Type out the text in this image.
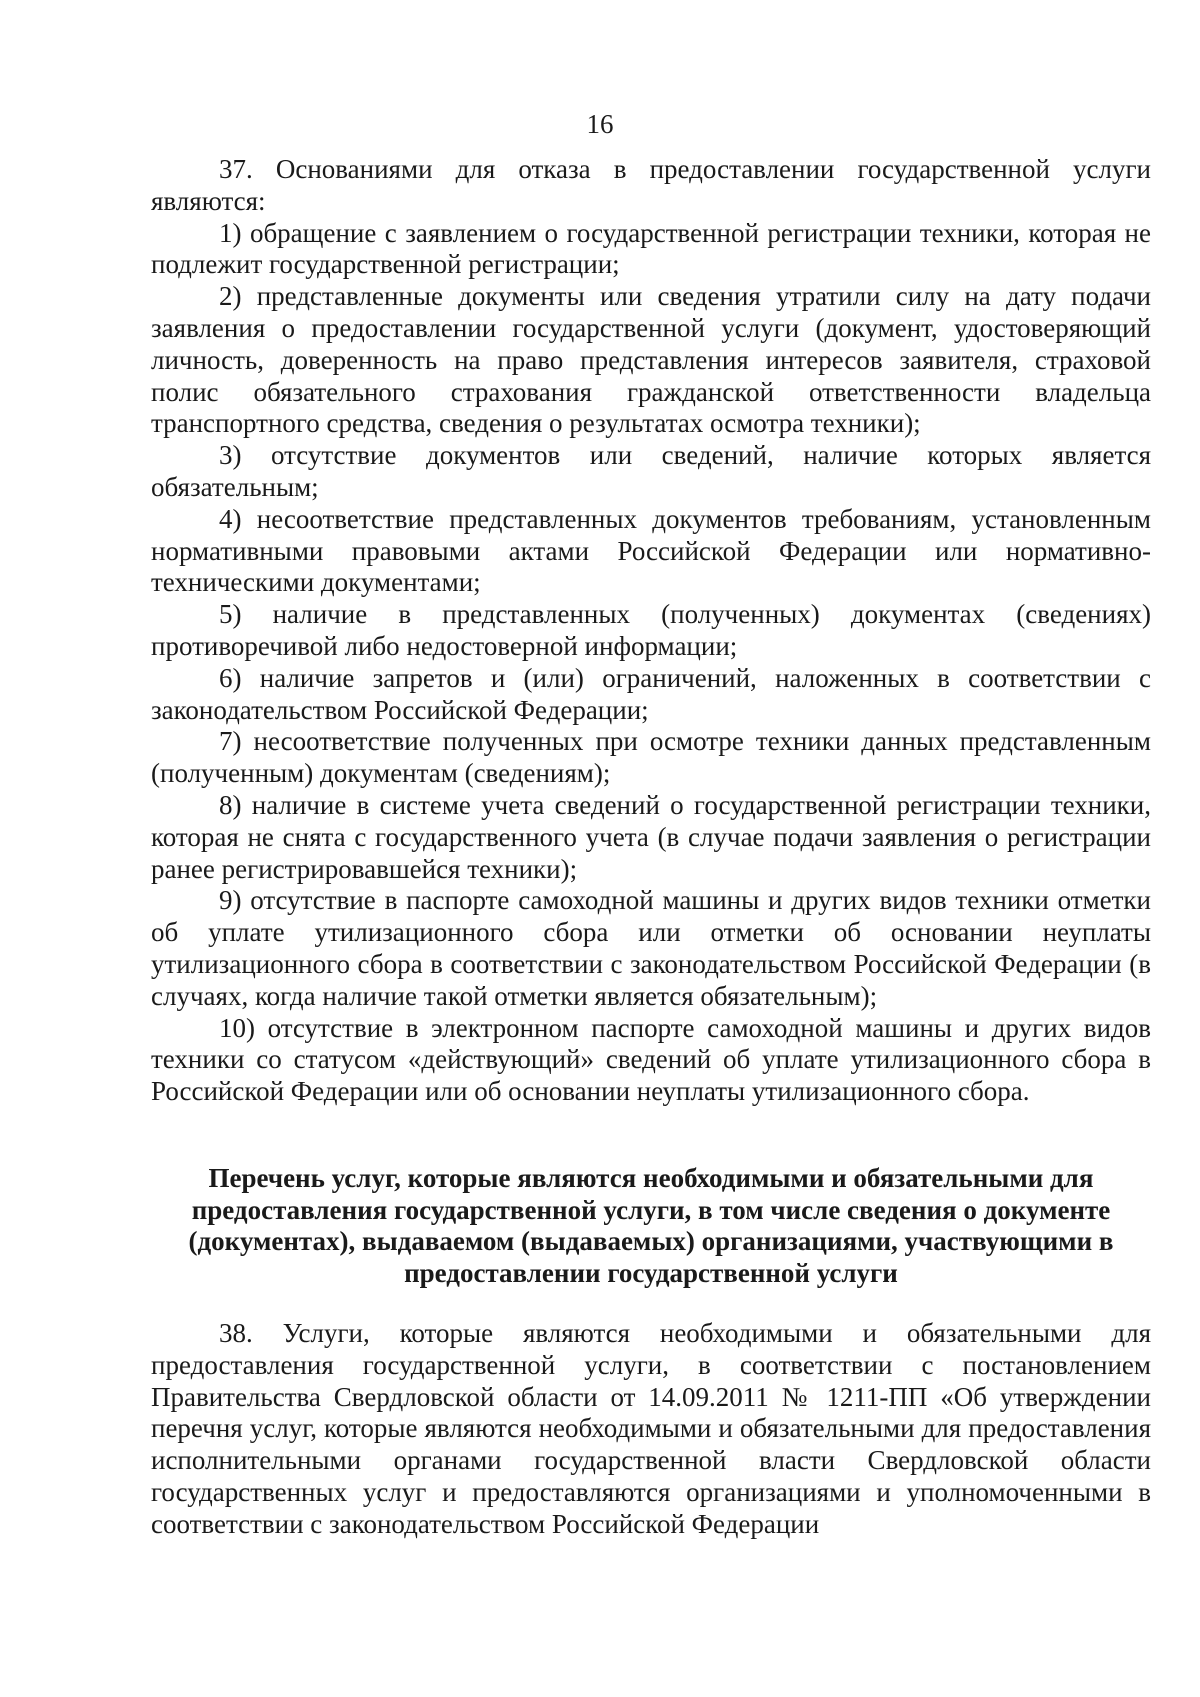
16

37. Основаниями для отказа в предоставлении государственной услуги являются:

1) обращение с заявлением о государственной регистрации техники, которая не подлежит государственной регистрации;

2) представленные документы или сведения утратили силу на дату подачи заявления о предоставлении государственной услуги (документ, удостоверяющий личность, доверенность на право представления интересов заявителя, страховой полис обязательного страхования гражданской ответственности владельца транспортного средства, сведения о результатах осмотра техники);

3) отсутствие документов или сведений, наличие которых является обязательным;

4) несоответствие представленных документов требованиям, установленным нормативными правовыми актами Российской Федерации или нормативно-техническими документами;

5) наличие в представленных (полученных) документах (сведениях) противоречивой либо недостоверной информации;

6) наличие запретов и (или) ограничений, наложенных в соответствии с законодательством Российской Федерации;

7) несоответствие полученных при осмотре техники данных представленным (полученным) документам (сведениям);

8) наличие в системе учета сведений о государственной регистрации техники, которая не снята с государственного учета (в случае подачи заявления о регистрации ранее регистрировавшейся техники);

9) отсутствие в паспорте самоходной машины и других видов техники отметки об уплате утилизационного сбора или отметки об основании неуплаты утилизационного сбора в соответствии с законодательством Российской Федерации (в случаях, когда наличие такой отметки является обязательным);

10) отсутствие в электронном паспорте самоходной машины и других видов техники со статусом «действующий» сведений об уплате утилизационного сбора в Российской Федерации или об основании неуплаты утилизационного сбора.

Перечень услуг, которые являются необходимыми и обязательными для предоставления государственной услуги, в том числе сведения о документе (документах), выдаваемом (выдаваемых) организациями, участвующими в предоставлении государственной услуги

38. Услуги, которые являются необходимыми и обязательными для предоставления государственной услуги, в соответствии с постановлением Правительства Свердловской области от 14.09.2011 № 1211-ПП «Об утверждении перечня услуг, которые являются необходимыми и обязательными для предоставления исполнительными органами государственной власти Свердловской области государственных услуг и предоставляются организациями и уполномоченными в соответствии с законодательством Российской Федерации
